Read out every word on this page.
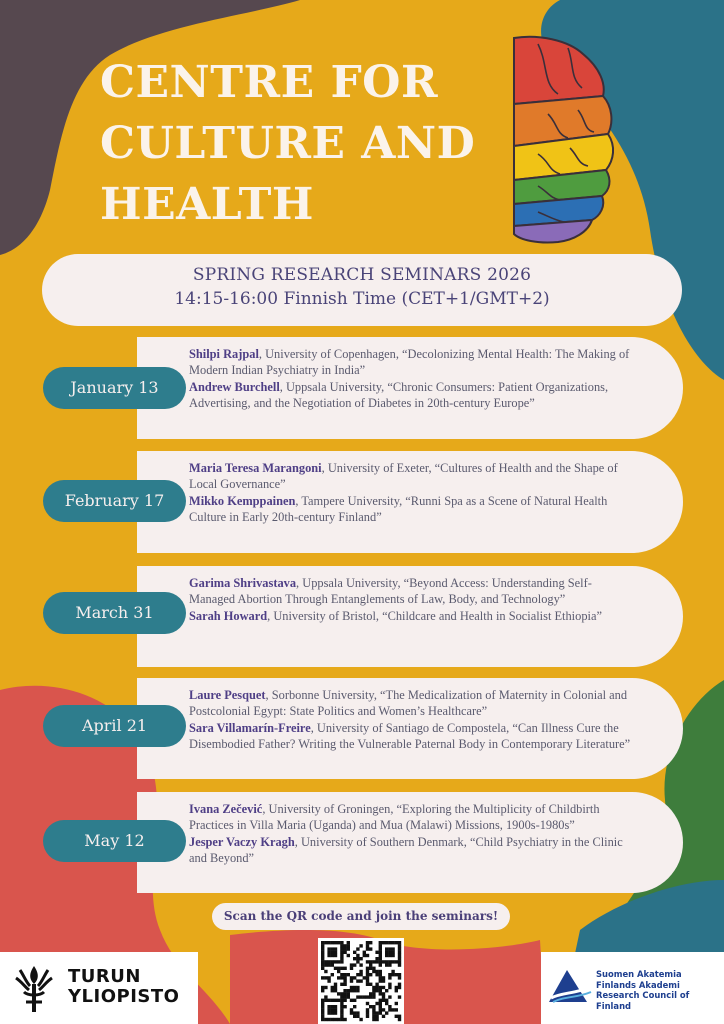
CENTRE FOR
CULTURE AND
HEALTH
SPRING RESEARCH SEMINARS 2026
14:15-16:00 Finnish Time (CET+1/GMT+2)

Shilpi Rajpal, University of Copenhagen, “Decolonizing Mental Health: The Making of Modern Indian Psychiatry in India”

Andrew Burchell, Uppsala University, “Chronic Consumers: Patient Organizations, Advertising, and the Negotiation of Diabetes in 20th-century Europe”

January 13

Maria Teresa Marangoni, University of Exeter, “Cultures of Health and the Shape of Local Governance”

Mikko Kemppainen, Tampere University, “Runni Spa as a Scene of Natural Health Culture in Early 20th-century Finland”

February 17

Garima Shrivastava, Uppsala University, “Beyond Access: Understanding Self-Managed Abortion Through Entanglements of Law, Body, and Technology”

Sarah Howard, University of Bristol, “Childcare and Health in Socialist Ethiopia”

March 31

Laure Pesquet, Sorbonne University, “The Medicalization of Maternity in Colonial and Postcolonial Egypt: State Politics and Women’s Healthcare”

Sara Villamarín-Freire, University of Santiago de Compostela, “Can Illness Cure the Disembodied Father? Writing the Vulnerable Paternal Body in Contemporary Literature”

April 21

Ivana Zečević, University of Groningen, “Exploring the Multiplicity of Childbirth Practices in Villa Maria (Uganda) and Mua (Malawi) Missions, 1900s-1980s”

Jesper Vaczy Kragh, University of Southern Denmark, “Child Psychiatry in the Clinic and Beyond”

May 12
Scan the QR code and join the seminars!
TURUN
YLIOPISTO
Suomen Akatemia
Finlands Akademi
Research Council of Finland
